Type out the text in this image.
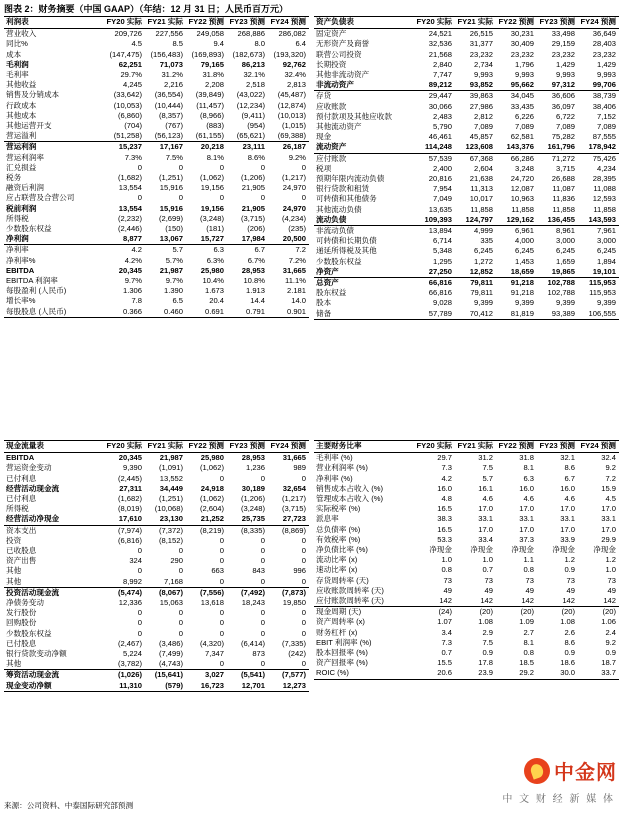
图表 2：财务摘要（中国 GAAP）（年结：12 月 31 日；人民币百万元）
利润表	FY20 实际	FY21 实际	FY22 预测	FY23 预测	FY24 预测
营业收入	209,726	227,556	249,058	268,886	286,082
同比%	4.5	8.5	9.4	8.0	6.4
成本	(147,475)	(156,483)	(169,893)	(182,673)	(193,320)
毛利润	62,251	71,073	79,165	86,213	92,762
毛利率	29.7%	31.2%	31.8%	32.1%	32.4%
其他收益	4,245	2,216	2,208	2,518	2,813
销售及分销成本	(33,642)	(36,554)	(39,849)	(43,022)	(45,487)
行政成本	(10,053)	(10,444)	(11,457)	(12,234)	(12,874)
其他成本	(6,860)	(8,357)	(8,966)	(9,411)	(10,013)
其他运营开支	(704)	(767)	(883)	(954)	(1,015)
营运溢利	(51,258)	(56,123)	(61,155)	(65,621)	(69,388)
营运利润	15,237	17,167	20,218	23,111	26,187
营运利润率	7.3%	7.5%	8.1%	8.6%	9.2%
汇兑损益	0	0	0	0	0
税务	(1,682)	(1,251)	(1,062)	(1,206)	(1,217)
融资后利润	13,554	15,916	19,156	21,905	24,970
应占联营及合营公司	0	0	0	0	0
税前利润	13,554	15,916	19,156	21,905	24,970
所得税	(2,232)	(2,699)	(3,248)	(3,715)	(4,234)
少数股东权益	(2,446)	(150)	(181)	(206)	(235)
净利润	8,877	13,067	15,727	17,984	20,500
净利率	4.2	5.7	6.3	6.7	7.2
净利率%	4.2%	5.7%	6.3%	6.7%	7.2%
EBITDA	20,345	21,987	25,980	28,953	31,665
EBITDA 利润率	9.7%	9.7%	10.4%	10.8%	11.1%
每股盈利 (人民币)	1.306	1.390	1.673	1.913	2.181
增长率%	7.8	6.5	20.4	14.4	14.0
每股股息 (人民币)	0.366	0.460	0.691	0.791	0.901
资产负债表	FY20 实际	FY21 实际	FY22 预测	FY23 预测	FY24 预测
固定资产	24,521	26,515	30,231	33,498	36,649
无形资产及商誉	32,536	31,377	30,409	29,159	28,403
联营公司投资	21,568	23,232	23,232	23,232	23,232
长期投资	2,840	2,734	1,796	1,429	1,429
其他非流动资产	7,747	9,993	9,993	9,993	9,993
非流动资产	89,212	93,852	95,662	97,312	99,706
存货	29,447	39,863	34,045	36,606	38,739
应收账款	30,066	27,986	33,435	36,097	38,406
预付款项及其他应收款	2,483	2,812	6,226	6,722	7,152
其他流动资产	5,790	7,089	7,089	7,089	7,089
现金	46,461	45,857	62,581	75,282	87,555
流动资产	114,248	123,608	143,376	161,796	178,942
应付账款	57,539	67,368	66,286	71,272	75,426
税项	2,400	2,604	3,248	3,715	4,234
预期年限内流动负债	20,816	21,638	24,720	26,688	28,395
银行贷款和租赁	7,954	11,313	12,087	11,087	11,088
可转债和其他债务	7,049	10,017	10,963	11,836	12,593
其他流动负债	13,635	11,858	11,858	11,858	11,858
流动负债	109,393	124,797	129,162	136,455	143,593
非流动负债	13,894	4,999	6,961	8,961	7,961
可转债和长期负债	6,714	335	4,000	3,000	3,000
递延所得税及其他	5,348	6,245	6,245	6,245	6,245
少数股东权益	1,295	1,272	1,453	1,659	1,894
净资产	27,250	12,852	18,659	19,865	19,101
总资产	66,816	79,811	91,218	102,788	115,953
股东权益	66,816	79,811	91,218	102,788	115,953
股本	9,028	9,399	9,399	9,399	9,399
储备	57,789	70,412	81,819	93,389	106,555
现金流量表	FY20 实际	FY21 实际	FY22 预测	FY23 预测	FY24 预测
EBITDA	20,345	21,987	25,980	28,953	31,665
营运资金变动	9,390	(1,091)	(1,062)	1,236	989
已付利息	(2,445)	13,552	0	0	0
经营活动现金流	27,311	34,449	24,918	30,189	32,654
已付利息	(1,682)	(1,251)	(1,062)	(1,206)	(1,217)
所得税	(8,019)	(10,068)	(2,604)	(3,248)	(3,715)
经营活动净现金	17,610	23,130	21,252	25,735	27,723
资本支出	(7,974)	(7,372)	(8,219)	(8,335)	(8,869)
投资	(6,816)	(8,152)	0	0	0
已收股息	0	0	0	0	0
资产出售	324	290	0	0	0
其他	0	0	663	843	996
其他	8,992	7,168	0	0	0
投资活动现金流	(5,474)	(8,067)	(7,556)	(7,492)	(7,873)
净债务变动	12,336	15,063	13,618	18,243	19,850
发行股份	0	0	0	0	0
回购股份	0	0	0	0	0
少数股东权益	0	0	0	0	0
已付股息	(2,467)	(3,486)	(4,320)	(6,414)	(7,335)
银行贷款变动净额	5,224	(7,499)	7,347	873	(242)
其他	(3,782)	(4,743)	0	0	0
筹资活动现金流	(1,026)	(15,641)	3,027	(5,541)	(7,577)
现金变动净额	11,310	(579)	16,723	12,701	12,273
主要财务比率	FY20 实际	FY21 实际	FY22 预测	FY23 预测	FY24 预测
毛利率 (%)	29.7	31.2	31.8	32.1	32.4
营业利润率 (%)	7.3	7.5	8.1	8.6	9.2
净利率 (%)	4.2	5.7	6.3	6.7	7.2
销售成本占收入 (%)	16.0	16.1	16.0	16.0	15.9
管理成本占收入 (%)	4.8	4.6	4.6	4.6	4.5
实际税率 (%)	16.5	17.0	17.0	17.0	17.0
派息率	38.3	33.1	33.1	33.1	33.1
总负债率 (%)	16.5	17.0	17.0	17.0	17.0
有效税率 (%)	53.3	33.4	37.3	33.9	29.9
净负债比率 (%)	净现金	净现金	净现金	净现金	净现金
流动比率 (x)	1.0	1.0	1.1	1.2	1.2
速动比率 (x)	0.8	0.7	0.8	0.9	1.0
存货周转率 (天)	73	73	73	73	73
应收账款周转率 (天)	49	49	49	49	49
应付账款周转率 (天)	142	142	142	142	142
现金周期 (天)	(24)	(20)	(20)	(20)	(20)
资产周转率 (x)	1.07	1.08	1.09	1.08	1.06
财务杠杆 (x)	3.4	2.9	2.7	2.6	2.4
EBIT 利润率 (%)	7.3	7.5	8.1	8.6	9.2
股本回报率 (%)	0.7	0.9	0.8	0.9	0.9
资产回报率 (%)	15.5	17.8	18.5	18.6	18.7
ROIC (%)	20.6	23.9	29.2	30.0	33.7
中金网
中 文 财 经 新 媒 体
来源：公司资料、中泰国际研究部预测
